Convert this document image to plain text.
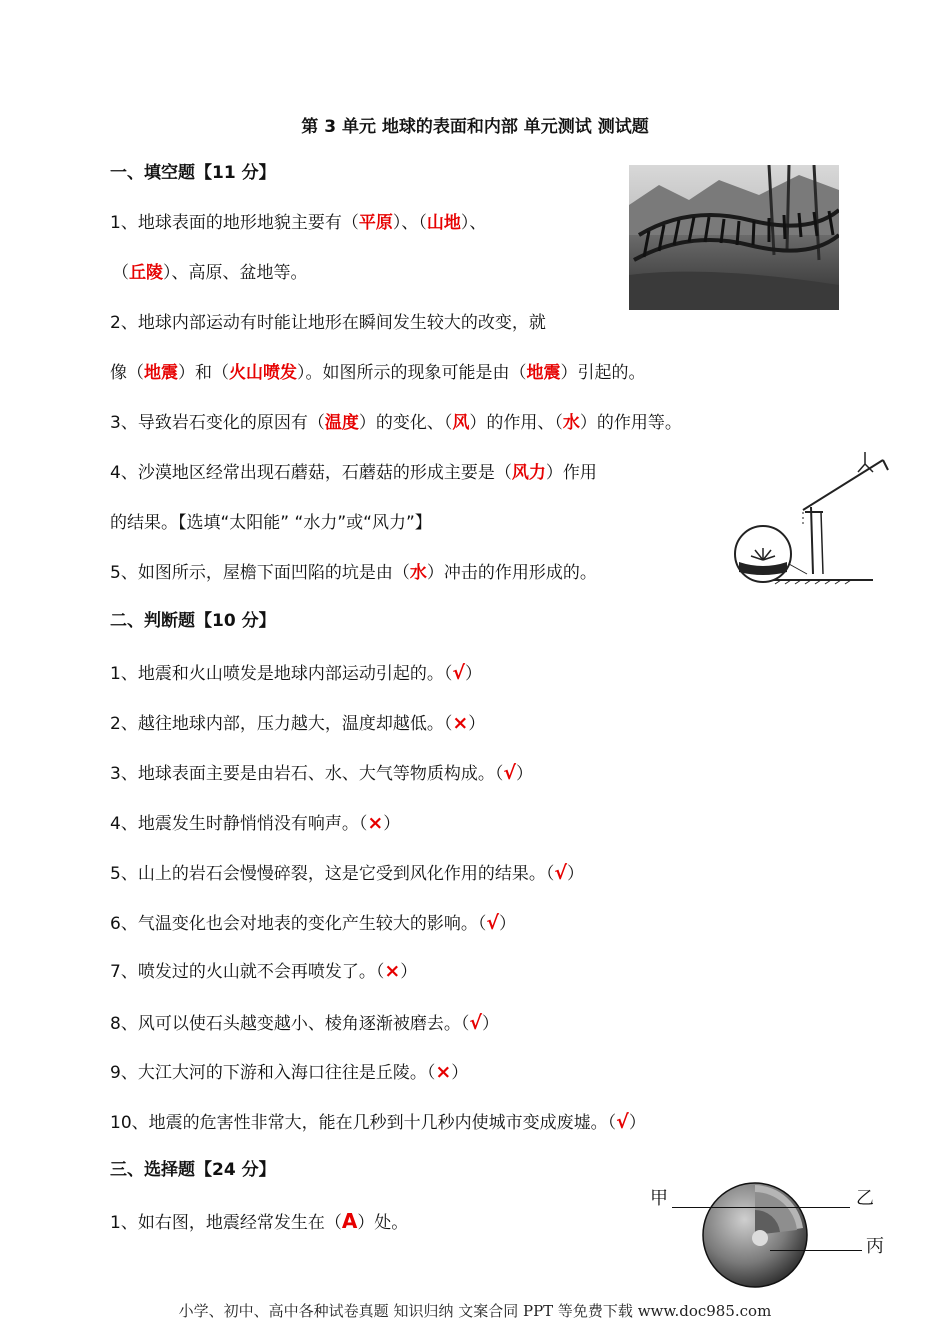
第 3 单元 地球的表面和内部 单元测试 测试题
一、填空题【11 分】
1、地球表面的地形地貌主要有（平原）、（山地）、
（丘陵）、高原、盆地等。
2、地球内部运动有时能让地形在瞬间发生较大的改变，就
像（地震）和（火山喷发）。如图所示的现象可能是由（地震）引起的。
3、导致岩石变化的原因有（温度）的变化、（风）的作用、（水）的作用等。
4、沙漠地区经常出现石蘑菇，石蘑菇的形成主要是（风力）作用
的结果。【选填“太阳能” “水力”或“风力”】
5、如图所示，屋檐下面凹陷的坑是由（水）冲击的作用形成的。
二、判断题【10 分】
1、地震和火山喷发是地球内部运动引起的。（√）
2、越往地球内部，压力越大，温度却越低。（×）
3、地球表面主要是由岩石、水、大气等物质构成。（√）
4、地震发生时静悄悄没有响声。（×）
5、山上的岩石会慢慢碎裂，这是它受到风化作用的结果。（√）
6、气温变化也会对地表的变化产生较大的影响。（√）
7、喷发过的火山就不会再喷发了。（×）
8、风可以使石头越变越小、棱角逐渐被磨去。（√）
9、大江大河的下游和入海口往往是丘陵。（×）
10、地震的危害性非常大，能在几秒到十几秒内使城市变成废墟。（√）
三、选择题【24 分】
1、如右图，地震经常发生在（A）处。
甲	乙
丙
小学、初中、高中各种试卷真题 知识归纳 文案合同 PPT 等免费下载 www.doc985.com
